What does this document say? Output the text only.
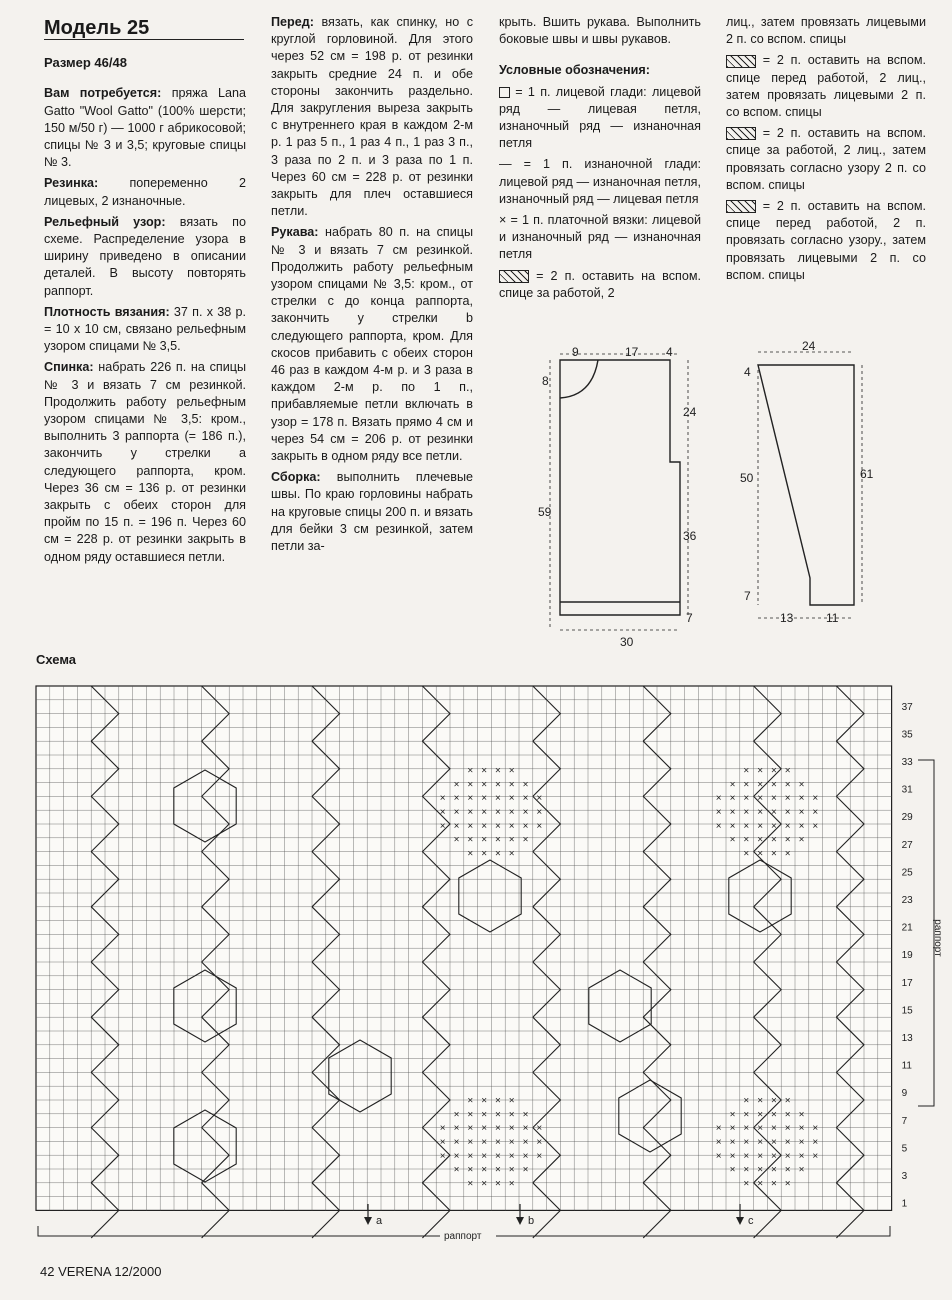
Модель 25
Размер 46/48

Вам потребуется: пряжа Lana Gatto "Wool Gatto" (100% шерсти; 150 м/50 г) — 1000 г абрикосовой; спицы № 3 и 3,5; круговые спицы № 3.

Резинка: попеременно 2 лицевых, 2 изнаночные.

Рельефный узор: вязать по схеме. Распределение узора в ширину приведено в описании деталей. В высоту повторять раппорт.

Плотность вязания: 37 п. х 38 р. = 10 х 10 см, связано рельефным узором спицами № 3,5.

Спинка: набрать 226 п. на спицы № 3 и вязать 7 см резинкой. Продолжить работу рельефным узором спицами № 3,5: кром., выполнить 3 раппорта (= 186 п.), закончить у стрелки а следующего раппорта, кром. Через 36 см = 136 р. от резинки закрыть с обеих сторон для пройм по 15 п. = 196 п. Через 60 см = 228 р. от резинки закрыть в одном ряду оставшиеся петли.

Перед: вязать, как спинку, но с круглой горловиной. Для этого через 52 см = 198 р. от резинки закрыть средние 24 п. и обе стороны закончить раздельно. Для закругления выреза закрыть с внутреннего края в каждом 2-м р. 1 раз 5 п., 1 раз 4 п., 1 раз 3 п., 3 раза по 2 п. и 3 раза по 1 п. Через 60 см = 228 р. от резинки закрыть для плеч оставшиеся петли.

Рукава: набрать 80 п. на спицы № 3 и вязать 7 см резинкой. Продолжить работу рельефным узором спицами № 3,5: кром., от стрелки с до конца раппорта, закончить у стрелки b следующего раппорта, кром. Для скосов прибавить с обеих сторон 46 раз в каждом 4-м р. и 3 раза в каждом 2-м р. по 1 п., прибавляемые петли включать в узор = 178 п. Вязать прямо 4 см и через 54 см = 206 р. от резинки закрыть в одном ряду все петли.

Сборка: выполнить плечевые швы. По краю горловины набрать на круговые спицы 200 п. и вязать для бейки 3 см резинкой, затем петли за-

крыть. Вшить рукава. Выполнить боковые швы и швы рукавов.

Условные обозначения:

= 1 п. лицевой глади: лицевой ряд — лицевая петля, изнаночный ряд — изнаночная петля

— = 1 п. изнаночной глади: лицевой ряд — изнаночная петля, изнаночный ряд — лицевая петля

× = 1 п. платочной вязки: лицевой и изнаночный ряд — изнаночная петля

= 2 п. оставить на вспом. спице за работой, 2

лиц., затем провязать лицевыми 2 п. со вспом. спицы

= 2 п. оставить на вспом. спице перед работой, 2 лиц., затем провязать лицевыми 2 п. со вспом. спицы

= 2 п. оставить на вспом. спице за работой, 2 лиц., затем провязать согласно узору 2 п. со вспом. спицы

= 2 п. оставить на вспом. спице перед работой, 2 п. провязать согласно узору., затем провязать лицевыми 2 п. со вспом. спицы

9	17 4
8
24
59
36
7
30
24
4
50	61
7
13	11
Схема
× × × ×
× × × × × ×
× × × × × × × ×
× × × × × × × ×
× × × × × × × ×
× × × × × ×
× × × ×
× × × ×
× × × × × ×
× × × × × × × ×
× × × × × × × ×
× × × × × × × ×
× × × × × ×
× × × ×
× × × ×
× × × × × ×
× × × × × × × ×
× × × × × × × ×
× × × × × × × ×
× × × × × ×
× × × ×
× × × ×
× × × × × ×
× × × × × × × ×
× × × × × × × ×
× × × × × × × ×
× × × × × ×
× × × ×
1
3
5
7
9
11
13
15
17
19
21
23
25
27
29
31
33
35
37
раппорт
раппорт
a	b	c
42 VERENA 12/2000
